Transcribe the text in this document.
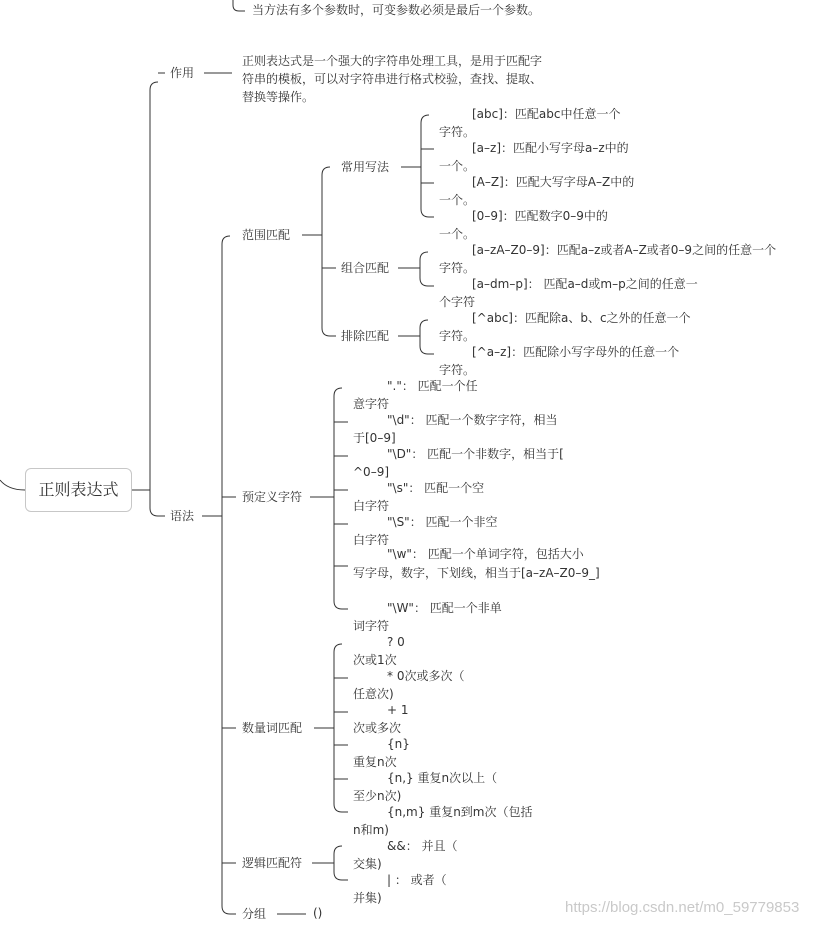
当方法有多个参数时，可变参数必须是最后一个参数。
正则表达式
作用
正则表达式是一个强大的字符串处理工具，是用于匹配字
符串的模板，可以对字符串进行格式校验，查找、提取、
替换等操作。
语法
范围匹配
常用写法
[abc]：匹配abc中任意一个
字符。
[a–z]：匹配小写字母a–z中的
一个。
[A–Z]：匹配大写字母A–Z中的
一个。
[0–9]：匹配数字0–9中的
一个。
组合匹配
[a–zA–Z0–9]：匹配a–z或者A–Z或者0–9之间的任意一个
字符。
[a–dm–p]： 匹配a–d或m–p之间的任意一
个字符
排除匹配
[^abc]：匹配除a、b、c之外的任意一个
字符。
[^a–z]：匹配除小写字母外的任意一个
字符。
预定义字符
"."： 匹配一个任
意字符
"\d"： 匹配一个数字字符，相当
于[0–9]
"\D"： 匹配一个非数字，相当于[
^0–9]
"\s"： 匹配一个空
白字符
"\S"： 匹配一个非空
白字符
"\w"： 匹配一个单词字符，包括大小
写字母，数字，下划线，相当于[a–zA–Z0–9_]
"\W"： 匹配一个非单
词字符
数量词匹配
? 0
次或1次
* 0次或多次（
任意次)
+ 1
次或多次
{n}
重复n次
{n,} 重复n次以上（
至少n次)
{n,m} 重复n到m次（包括
n和m)
逻辑匹配符
&&： 并且（
交集)
| ： 或者（
并集)
分组	()	https://blog.csdn.net/m0_59779853
